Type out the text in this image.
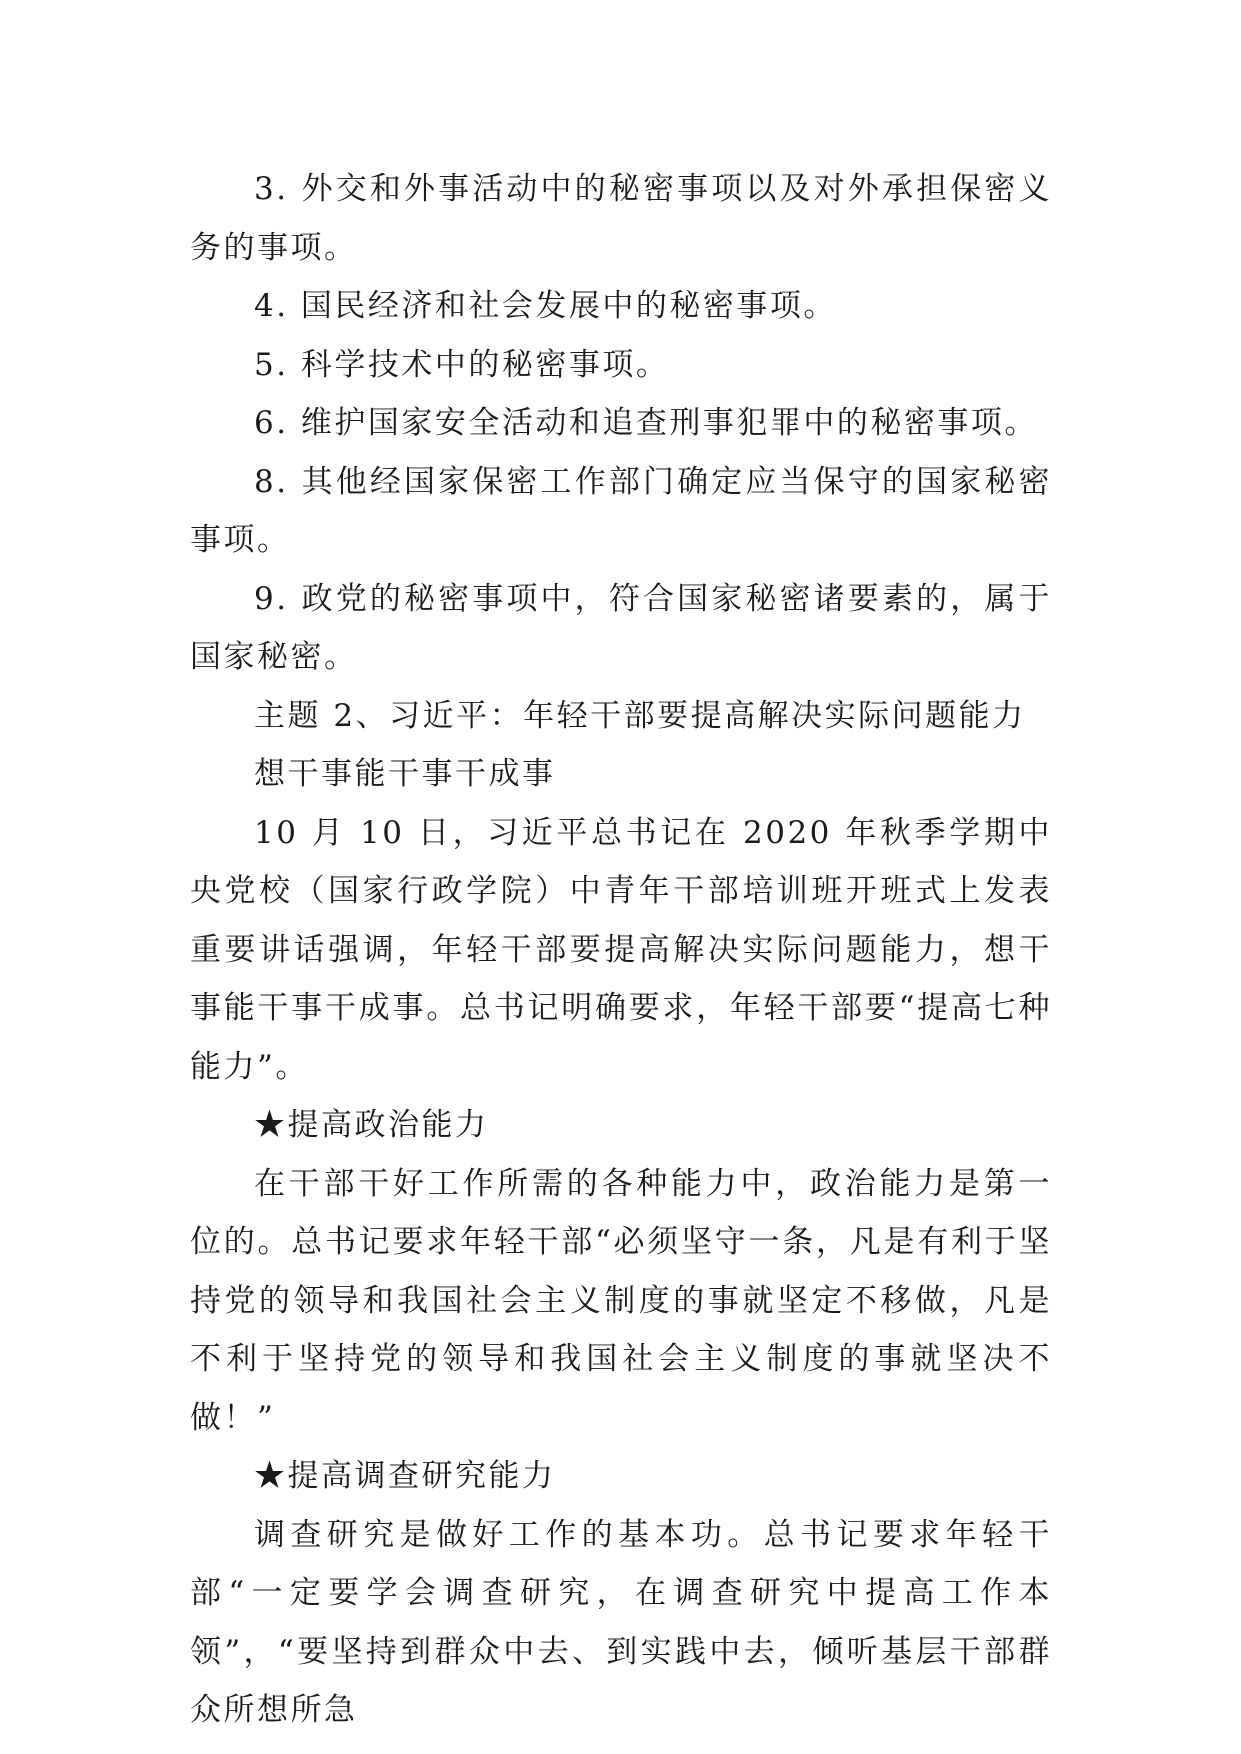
3. 外交和外事活动中的秘密事项以及对外承担保密义务的事项。

4. 国民经济和社会发展中的秘密事项。

5. 科学技术中的秘密事项。

6. 维护国家安全活动和追查刑事犯罪中的秘密事项。

8. 其他经国家保密工作部门确定应当保守的国家秘密事项。

9. 政党的秘密事项中，符合国家秘密诸要素的，属于国家秘密。

主题 2、习近平：年轻干部要提高解决实际问题能力

想干事能干事干成事

10 月 10 日，习近平总书记在 2020 年秋季学期中央党校（国家行政学院）中青年干部培训班开班式上发表重要讲话强调，年轻干部要提高解决实际问题能力，想干事能干事干成事。总书记明确要求，年轻干部要“提高七种能力”。

★提高政治能力

在干部干好工作所需的各种能力中，政治能力是第一位的。总书记要求年轻干部“必须坚守一条，凡是有利于坚持党的领导和我国社会主义制度的事就坚定不移做，凡是不利于坚持党的领导和我国社会主义制度的事就坚决不做！”

★提高调查研究能力

调查研究是做好工作的基本功。总书记要求年轻干部“一定要学会调查研究，在调查研究中提高工作本领”，“要坚持到群众中去、到实践中去，倾听基层干部群众所想所急
